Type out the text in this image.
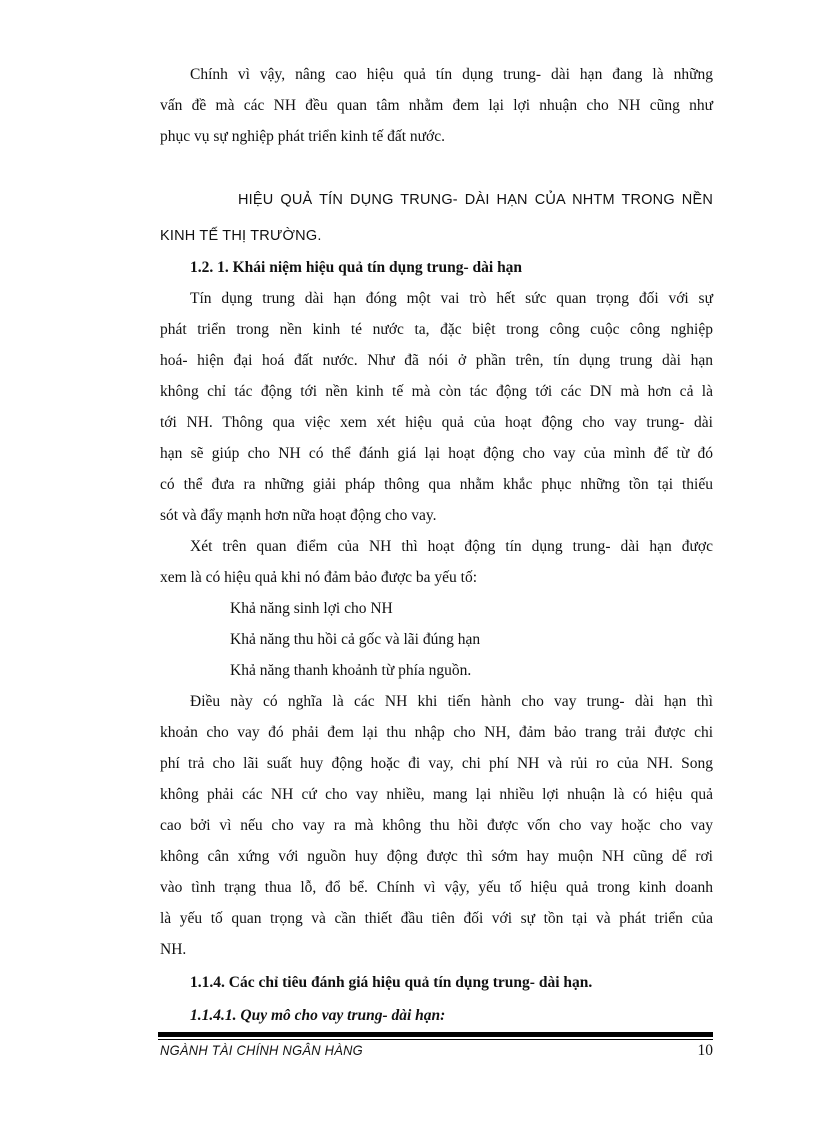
Chính vì vậy, nâng cao hiệu quả tín dụng trung- dài hạn đang là những
vấn đề mà các NH đều quan tâm nhằm đem lại lợi nhuận cho NH cũng như
phục vụ sự nghiệp phát triển kinh tế đất nước.

HIỆU QUẢ TÍN DỤNG TRUNG- DÀI HẠN CỦA NHTM TRONG NỀN
KINH TẾ THỊ TRƯỜNG.

1.2. 1. Khái niệm hiệu quả tín dụng trung- dài hạn

Tín dụng trung dài hạn đóng một vai trò hết sức quan trọng đối với sự
phát triển trong nền kinh té nước ta, đặc biệt trong công cuộc công nghiệp
hoá- hiện đại hoá đất nước. Như đã nói ở phần trên, tín dụng trung dài hạn
không chỉ tác động tới nền kinh tế mà còn tác động tới các DN mà hơn cả là
tới NH. Thông qua việc xem xét hiệu quả của hoạt động cho vay trung- dài
hạn sẽ giúp cho NH có thể đánh giá lại hoạt động cho vay của mình để từ đó
có thể đưa ra những giải pháp thông qua nhằm khắc phục những tồn tại thiếu
sót và đẩy mạnh hơn nữa hoạt động cho vay.

Xét trên quan điểm của NH thì hoạt động tín dụng trung- dài hạn được
xem là có hiệu quả khi nó đảm bảo được ba yếu tố:

Khả năng sinh lợi cho NH

Khả năng thu hồi cả gốc và lãi đúng hạn

Khả năng thanh khoảnh từ phía nguồn.

Điều này có nghĩa là các NH khi tiến hành cho vay trung- dài hạn thì
khoản cho vay đó phải đem lại thu nhập cho NH, đảm bảo trang trải được chi
phí trả cho lãi suất huy động hoặc đi vay, chi phí NH và rủi ro của NH. Song
không phải các NH cứ cho vay nhiều, mang lại nhiều lợi nhuận là có hiệu quả
cao bởi vì nếu cho vay ra mà không thu hồi được vốn cho vay hoặc cho vay
không cân xứng với nguồn huy động được thì sớm hay muộn NH cũng dể rơi
vào tình trạng thua lỗ, đổ bể. Chính vì vậy, yếu tố hiệu quả trong kinh doanh
là yếu tố quan trọng và cần thiết đầu tiên đối với sự tồn tại và phát triển của
NH.

1.1.4. Các chỉ tiêu đánh giá hiệu quả tín dụng trung- dài hạn.

1.1.4.1. Quy mô cho vay trung- dài hạn:

NGÀNH TÀI CHÍNH NGÂN HÀNG	10
